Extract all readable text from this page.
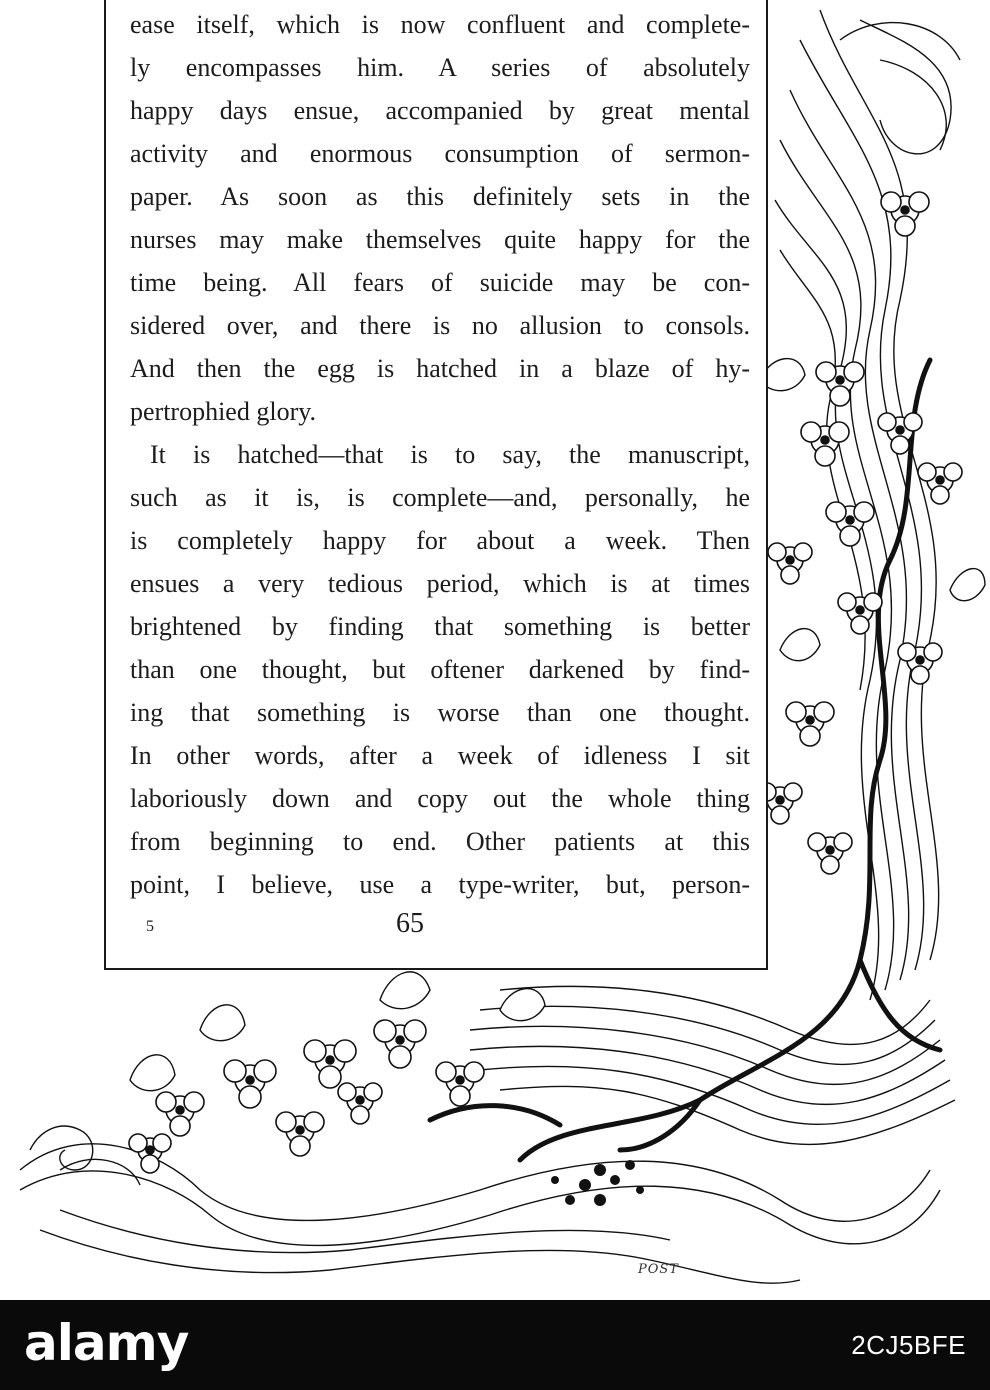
ease itself, which is now confluent and complete-
ly encompasses him. A series of absolutely
happy days ensue, accompanied by great mental
activity and enormous consumption of sermon-
paper. As soon as this definitely sets in the
nurses may make themselves quite happy for the
time being. All fears of suicide may be con-
sidered over, and there is no allusion to consols.
And then the egg is hatched in a blaze of hy-
pertrophied glory.
It is hatched—that is to say, the manuscript,
such as it is, is complete—and, personally, he
is completely happy for about a week. Then
ensues a very tedious period, which is at times
brightened by finding that something is better
than one thought, but oftener darkened by find-
ing that something is worse than one thought.
In other words, after a week of idleness I sit
laboriously down and copy out the whole thing
from beginning to end. Other patients at this
point, I believe, use a type-writer, but, person-
5	65
POST
alamy	2CJ5BFE
